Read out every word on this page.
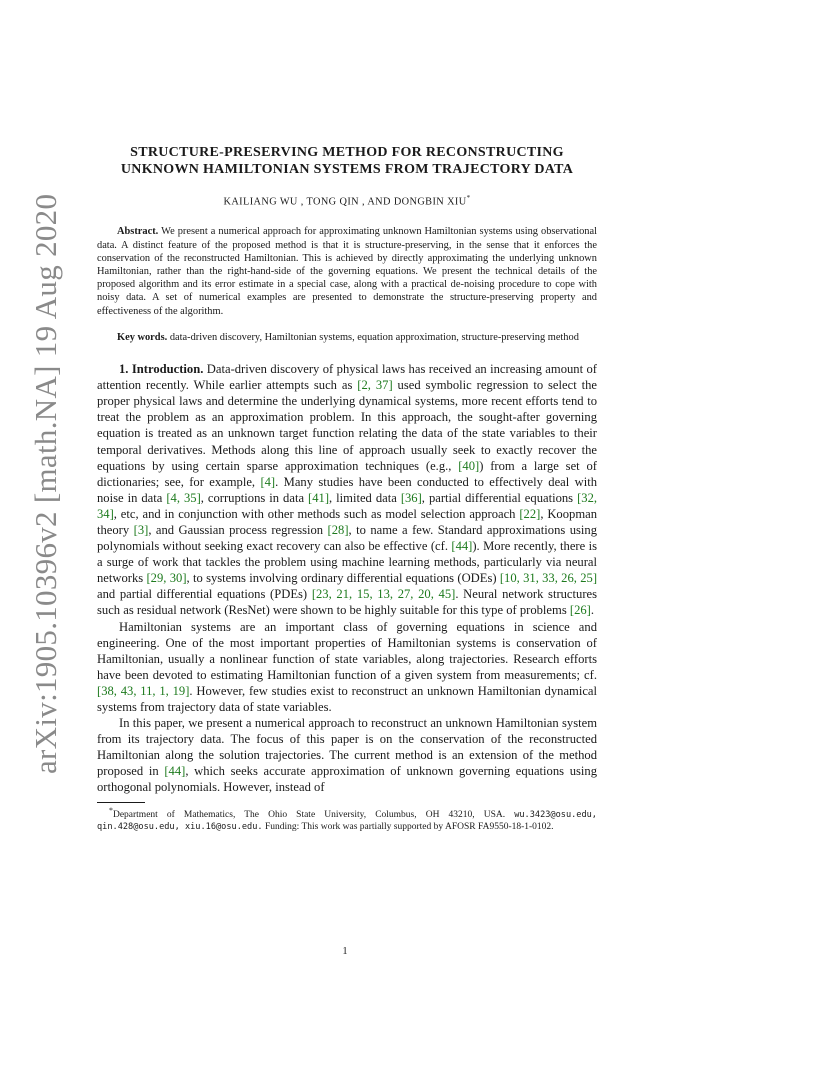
arXiv:1905.10396v2 [math.NA] 19 Aug 2020
STRUCTURE-PRESERVING METHOD FOR RECONSTRUCTING
UNKNOWN HAMILTONIAN SYSTEMS FROM TRAJECTORY DATA
KAILIANG WU , TONG QIN , AND DONGBIN XIU*
Abstract. We present a numerical approach for approximating unknown Hamiltonian systems using observational data. A distinct feature of the proposed method is that it is structure-preserving, in the sense that it enforces the conservation of the reconstructed Hamiltonian. This is achieved by directly approximating the underlying unknown Hamiltonian, rather than the right-hand-side of the governing equations. We present the technical details of the proposed algorithm and its error estimate in a special case, along with a practical de-noising procedure to cope with noisy data. A set of numerical examples are presented to demonstrate the structure-preserving property and effectiveness of the algorithm.
Key words. data-driven discovery, Hamiltonian systems, equation approximation, structure-preserving method

1. Introduction. Data-driven discovery of physical laws has received an increasing amount of attention recently. While earlier attempts such as [2, 37] used symbolic regression to select the proper physical laws and determine the underlying dynamical systems, more recent efforts tend to treat the problem as an approximation problem. In this approach, the sought-after governing equation is treated as an unknown target function relating the data of the state variables to their temporal derivatives. Methods along this line of approach usually seek to exactly recover the equations by using certain sparse approximation techniques (e.g., [40]) from a large set of dictionaries; see, for example, [4]. Many studies have been conducted to effectively deal with noise in data [4, 35], corruptions in data [41], limited data [36], partial differential equations [32, 34], etc, and in conjunction with other methods such as model selection approach [22], Koopman theory [3], and Gaussian process regression [28], to name a few. Standard approximations using polynomials without seeking exact recovery can also be effective (cf. [44]). More recently, there is a surge of work that tackles the problem using machine learning methods, particularly via neural networks [29, 30], to systems involving ordinary differential equations (ODEs) [10, 31, 33, 26, 25] and partial differential equations (PDEs) [23, 21, 15, 13, 27, 20, 45]. Neural network structures such as residual network (ResNet) were shown to be highly suitable for this type of problems [26].

Hamiltonian systems are an important class of governing equations in science and engineering. One of the most important properties of Hamiltonian systems is conservation of Hamiltonian, usually a nonlinear function of state variables, along trajectories. Research efforts have been devoted to estimating Hamiltonian function of a given system from measurements; cf. [38, 43, 11, 1, 19]. However, few studies exist to reconstruct an unknown Hamiltonian dynamical systems from trajectory data of state variables.

In this paper, we present a numerical approach to reconstruct an unknown Hamiltonian system from its trajectory data. The focus of this paper is on the conservation of the reconstructed Hamiltonian along the solution trajectories. The current method is an extension of the method proposed in [44], which seeks accurate approximation of unknown governing equations using orthogonal polynomials. However, instead of

*Department of Mathematics, The Ohio State University, Columbus, OH 43210, USA. wu.3423@osu.edu, qin.428@osu.edu, xiu.16@osu.edu. Funding: This work was partially supported by AFOSR FA9550-18-1-0102.
1
